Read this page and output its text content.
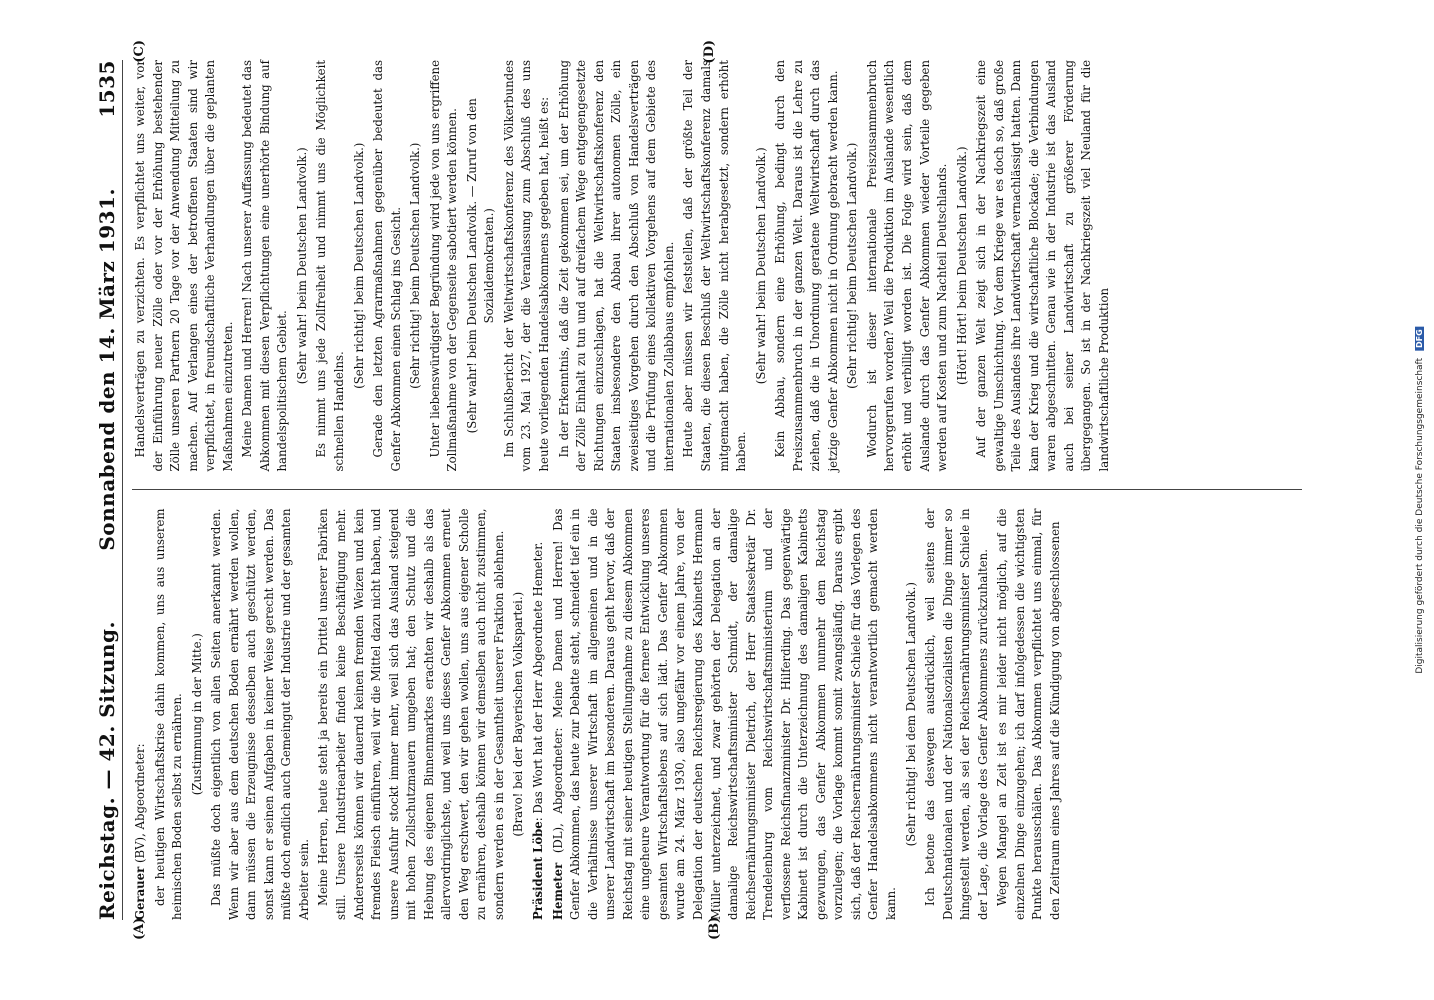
Reichstag. — 42. Sitzung.
Sonnabend den 14. März 1931.
1535
(A)	(B)
(C)	(D)

Gerauer (BV), Abgeordneter: der heutigen Wirtschaftskrise dahin kommen, uns aus unserem heimischen Boden selbst zu ernähren. (Zustimmung in der Mitte.) Das müßte doch eigentlich von allen Seiten anerkannt werden. Wenn wir aber aus dem deutschen Boden ernährt werden wollen, dann müssen die Erzeugnisse desselben auch geschützt werden, sonst kann er seinen Aufgaben in keiner Weise gerecht werden. Das müßte doch endlich auch Gemeingut der Industrie und der gesamten Arbeiter sein. Meine Herren, heute steht ja bereits ein Drittel unserer Fabriken still. Unsere Industriearbeiter finden keine Beschäftigung mehr. Andererseits können wir dauernd keinen fremden Weizen und kein fremdes Fleisch einführen, weil wir die Mittel dazu nicht haben, und unsere Ausfuhr stockt immer mehr, weil sich das Ausland steigend mit hohen Zollschutzmauern umgeben hat; den Schutz und die Hebung des eigenen Binnenmarktes erachten wir deshalb als das allervordringlichste, und weil uns dieses Genfer Abkommen erneut den Weg erschwert, den wir gehen wollen, uns aus eigener Scholle zu ernähren, deshalb können wir demselben auch nicht zustimmen, sondern werden es in der Gesamtheit unserer Fraktion ablehnen. (Bravo! bei der Bayerischen Volkspartei.)

Präsident Löbe: Das Wort hat der Herr Abgeordnete Hemeter.

Hemeter (DL), Abgeordneter: Meine Damen und Herren! Das Genfer Abkommen, das heute zur Debatte steht, schneidet tief ein in die Verhältnisse unserer Wirtschaft im allgemeinen und in die unserer Landwirtschaft im besonderen. Daraus geht hervor, daß der Reichstag mit seiner heutigen Stellungnahme zu diesem Abkommen eine ungeheure Verantwortung für die fernere Entwicklung unseres gesamten Wirtschaftslebens auf sich lädt. Das Genfer Abkommen wurde am 24. März 1930, also ungefähr vor einem Jahre, von der Delegation der deutschen Reichsregierung des Kabinetts Hermann Müller unterzeichnet, und zwar gehörten der Delegation an der damalige Reichswirtschaftsminister Schmidt, der damalige Reichsernährungsminister Dietrich, der Herr Staatssekretär Dr. Trendelenburg vom Reichswirtschaftsministerium und der verflossene Reichsfinanzminister Dr. Hilferding. Das gegenwärtige Kabinett ist durch die Unterzeichnung des damaligen Kabinetts gezwungen, das Genfer Abkommen nunmehr dem Reichstag vorzulegen; die Vorlage kommt somit zwangsläufig. Daraus ergibt sich, daß der Reichsernährungsminister Schiele für das Vorlegen des Genfer Handelsabkommens nicht verantwortlich gemacht werden kann.

(Sehr richtig! bei dem Deutschen Landvolk.) Ich betone das deswegen ausdrücklich, weil seitens der Deutschnationalen und der Nationalsozialisten die Dinge immer so hingestellt werden, als sei der Reichsernährungsminister Schiele in der Lage, die Vorlage des Genfer Abkommens zurückzuhalten. Wegen Mangel an Zeit ist es mir leider nicht möglich, auf die einzelnen Dinge einzugehen; ich darf infolgedessen die wichtigsten Punkte herausschälen. Das Abkommen verpflichtet uns einmal, für den Zeitraum eines Jahres auf die Kündigung von abgeschlossenen

Handelsverträgen zu verzichten. Es verpflichtet uns weiter, vor der Einführung neuer Zölle oder vor der Erhöhung bestehender Zölle unseren Partnern 20 Tage vor der Anwendung Mitteilung zu machen. Auf Verlangen eines der betroffenen Staaten sind wir verpflichtet, in freundschaftliche Verhandlungen über die geplanten Maßnahmen einzutreten. Meine Damen und Herren! Nach unserer Auffassung bedeutet das Abkommen mit diesen Verpflichtungen eine unerhörte Bindung auf handelspolitischem Gebiet.

(Sehr wahr! beim Deutschen Landvolk.) Es nimmt uns jede Zollfreiheit und nimmt uns die Möglichkeit schnellen Handelns.

(Sehr richtig! beim Deutschen Landvolk.) Gerade den letzten Agrarmaßnahmen gegenüber bedeutet das Genfer Abkommen einen Schlag ins Gesicht. (Sehr richtig! beim Deutschen Landvolk.) Unter liebenswürdigster Begründung wird jede von uns ergriffene Zollmaßnahme von der Gegenseite sabotiert werden können. (Sehr wahr! beim Deutschen Landvolk. — Zuruf von den Sozialdemokraten.) Im Schlußbericht der Weltwirtschaftskonferenz des Völkerbundes vom 23. Mai 1927, der die Veranlassung zum Abschluß des uns heute vorliegenden Handelsabkommens gegeben hat, heißt es: In der Erkenntnis, daß die Zeit gekommen sei, um der Erhöhung der Zölle Einhalt zu tun und auf dreifachem Wege entgegengesetzte Richtungen einzuschlagen, hat die Weltwirtschaftskonferenz den Staaten insbesondere den Abbau ihrer autonomen Zölle, ein zweiseitiges Vorgehen durch den Abschluß von Handelsverträgen und die Prüfung eines kollektiven Vorgehens auf dem Gebiete des internationalen Zollabbaus empfohlen. Heute aber müssen wir feststellen, daß der größte Teil der Staaten, die diesen Beschluß der Weltwirtschaftskonferenz damals mitgemacht haben, die Zölle nicht herabgesetzt, sondern erhöht haben.

(Sehr wahr! beim Deutschen Landvolk.) Kein Abbau, sondern eine Erhöhung, bedingt durch den Preiszusammenbruch in der ganzen Welt. Daraus ist die Lehre zu ziehen, daß die in Unordnung geratene Weltwirtschaft durch das jetzige Genfer Abkommen nicht in Ordnung gebracht werden kann. (Sehr richtig! beim Deutschen Landvolk.) Wodurch ist dieser internationale Preiszusammenbruch hervorgerufen worden? Weil die Produktion im Auslande wesentlich erhöht und verbilligt worden ist. Die Folge wird sein, daß dem Auslande durch das Genfer Abkommen wieder Vorteile gegeben werden auf Kosten und zum Nachteil Deutschlands. (Hört! Hört! beim Deutschen Landvolk.) Auf der ganzen Welt zeigt sich in der Nachkriegszeit eine gewaltige Umschichtung. Vor dem Kriege war es doch so, daß große Teile des Auslandes ihre Landwirtschaft vernachlässigt hatten. Dann kam der Krieg und die wirtschaftliche Blockade; die Verbindungen waren abgeschnitten. Genau wie in der Industrie ist das Ausland auch bei seiner Landwirtschaft zu größerer Förderung übergegangen. So ist in der Nachkriegszeit viel Neuland für die landwirtschaftliche Produktion	Digitalisierung gefördert durch die Deutsche Forschungsgemeinschaft DFG
